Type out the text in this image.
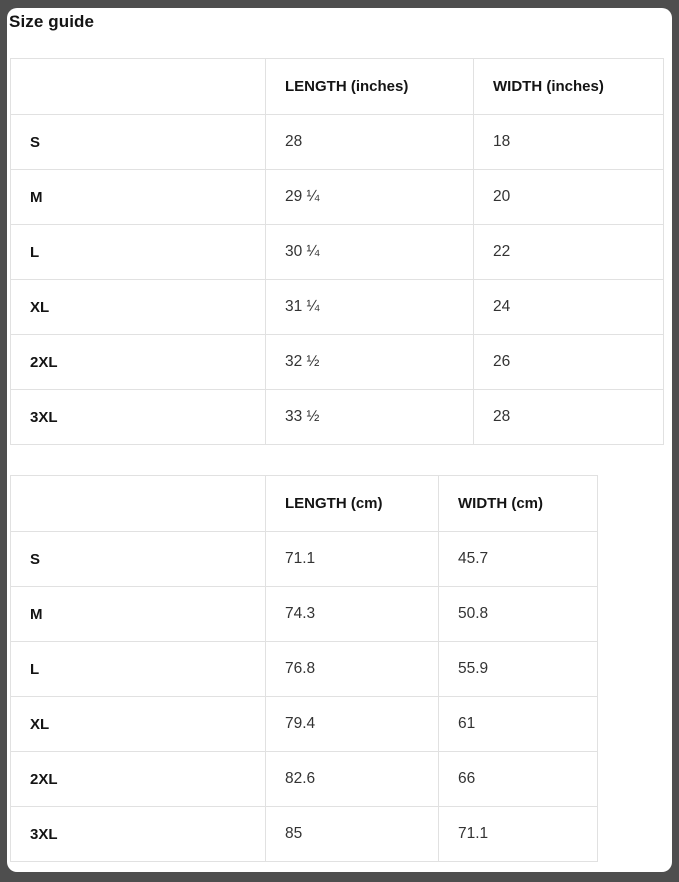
Size guide
	LENGTH (inches)	WIDTH (inches)
S	28	18
M	29 ¼	20
L	30 ¼	22
XL	31 ¼	24
2XL	32 ½	26
3XL	33 ½	28
	LENGTH (cm)	WIDTH (cm)
S	71.1	45.7
M	74.3	50.8
L	76.8	55.9
XL	79.4	61
2XL	82.6	66
3XL	85	71.1
